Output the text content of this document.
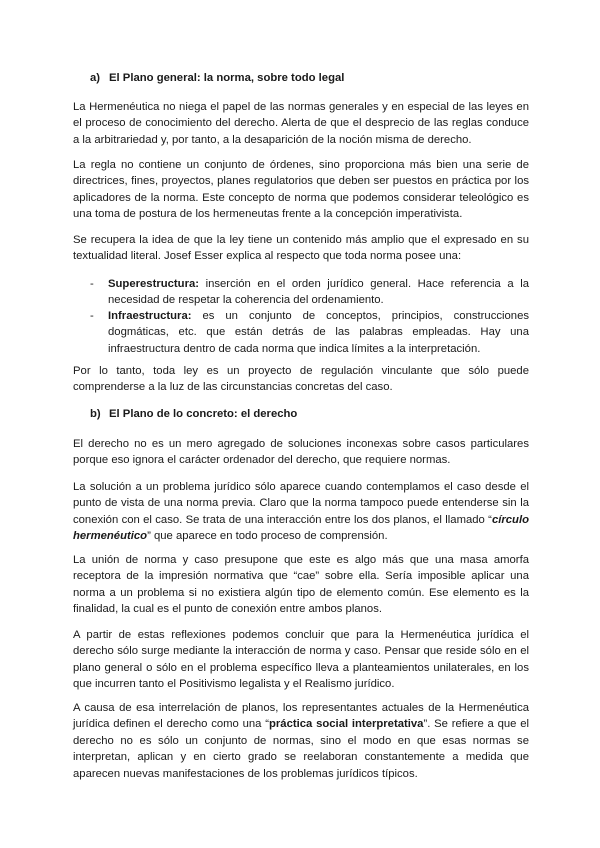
a) El Plano general: la norma, sobre todo legal

La Hermenéutica no niega el papel de las normas generales y en especial de las leyes en el proceso de conocimiento del derecho. Alerta de que el desprecio de las reglas conduce a la arbitrariedad y, por tanto, a la desaparición de la noción misma de derecho.

La regla no contiene un conjunto de órdenes, sino proporciona más bien una serie de directrices, fines, proyectos, planes regulatorios que deben ser puestos en práctica por los aplicadores de la norma. Este concepto de norma que podemos considerar teleológico es una toma de postura de los hermeneutas frente a la concepción imperativista.

Se recupera la idea de que la ley tiene un contenido más amplio que el expresado en su textualidad literal. Josef Esser explica al respecto que toda norma posee una:

- Superestructura: inserción en el orden jurídico general. Hace referencia a la necesidad de respetar la coherencia del ordenamiento.
- Infraestructura: es un conjunto de conceptos, principios, construcciones dogmáticas, etc. que están detrás de las palabras empleadas. Hay una infraestructura dentro de cada norma que indica límites a la interpretación.

Por lo tanto, toda ley es un proyecto de regulación vinculante que sólo puede comprenderse a la luz de las circunstancias concretas del caso.

b) El Plano de lo concreto: el derecho

El derecho no es un mero agregado de soluciones inconexas sobre casos particulares porque eso ignora el carácter ordenador del derecho, que requiere normas.

La solución a un problema jurídico sólo aparece cuando contemplamos el caso desde el punto de vista de una norma previa. Claro que la norma tampoco puede entenderse sin la conexión con el caso. Se trata de una interacción entre los dos planos, el llamado “círculo hermenéutico” que aparece en todo proceso de comprensión.

La unión de norma y caso presupone que este es algo más que una masa amorfa receptora de la impresión normativa que “cae” sobre ella. Sería imposible aplicar una norma a un problema si no existiera algún tipo de elemento común. Ese elemento es la finalidad, la cual es el punto de conexión entre ambos planos.

A partir de estas reflexiones podemos concluir que para la Hermenéutica jurídica el derecho sólo surge mediante la interacción de norma y caso. Pensar que reside sólo en el plano general o sólo en el problema específico lleva a planteamientos unilaterales, en los que incurren tanto el Positivismo legalista y el Realismo jurídico.

A causa de esa interrelación de planos, los representantes actuales de la Hermenéutica jurídica definen el derecho como una “práctica social interpretativa”. Se refiere a que el derecho no es sólo un conjunto de normas, sino el modo en que esas normas se interpretan, aplican y en cierto grado se reelaboran constantemente a medida que aparecen nuevas manifestaciones de los problemas jurídicos típicos.
